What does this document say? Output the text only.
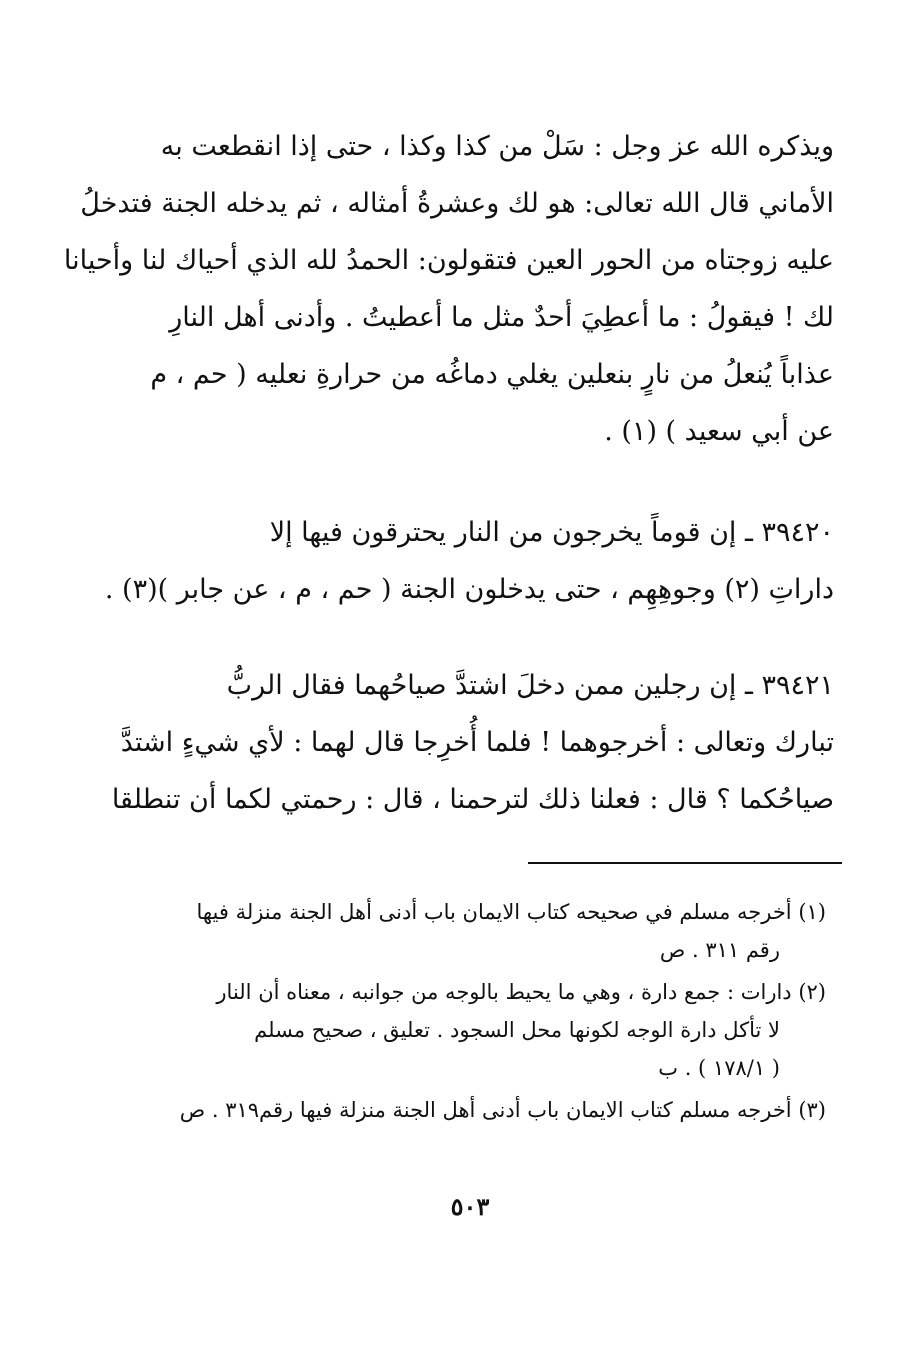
ويذكره الله عز وجل : سَلْ من كذا وكذا ، حتى إذا انقطعت به
الأماني قال الله تعالى: هو لك وعشرةُ أمثاله ، ثم يدخله الجنة فتدخلُ
عليه زوجتاه من الحور العين فتقولون: الحمدُ لله الذي أحياك لنا وأحيانا
لك ! فيقولُ : ما أعطِيَ أحدٌ مثل ما أعطيتُ . وأدنى أهل النارِ
عذاباً يُنعلُ من نارٍ بنعلين يغلي دماغُه من حرارةِ نعليه ( حم ، م
عن أبي سعيد ) (١) .
٣٩٤٢٠ ـ إن قوماً يخرجون من النار يحترقون فيها إلا
داراتِ (٢) وجوهِهِم ، حتى يدخلون الجنة ( حم ، م ، عن جابر )(٣) .
٣٩٤٢١ ـ إن رجلين ممن دخلَ اشتدَّ صياحُهما فقال الربُّ
تبارك وتعالى : أخرجوهما ! فلما أُخرِجا قال لهما : لأي شيءٍ اشتدَّ
صياحُكما ؟ قال : فعلنا ذلك لترحمنا ، قال : رحمتي لكما أن تنطلقا
(١) أخرجه مسلم في صحيحه كتاب الايمان باب أدنى أهل الجنة منزلة فيها
رقم ٣١١ . ص
(٢) دارات : جمع دارة ، وهي ما يحيط بالوجه من جوانبه ، معناه أن النار
لا تأكل دارة الوجه لكونها محل السجود . تعليق ، صحيح مسلم
( ١٧٨/١ ) . ب
(٣) أخرجه مسلم كتاب الايمان باب أدنى أهل الجنة منزلة فيها رقم٣١٩ . ص
٥٠٣
